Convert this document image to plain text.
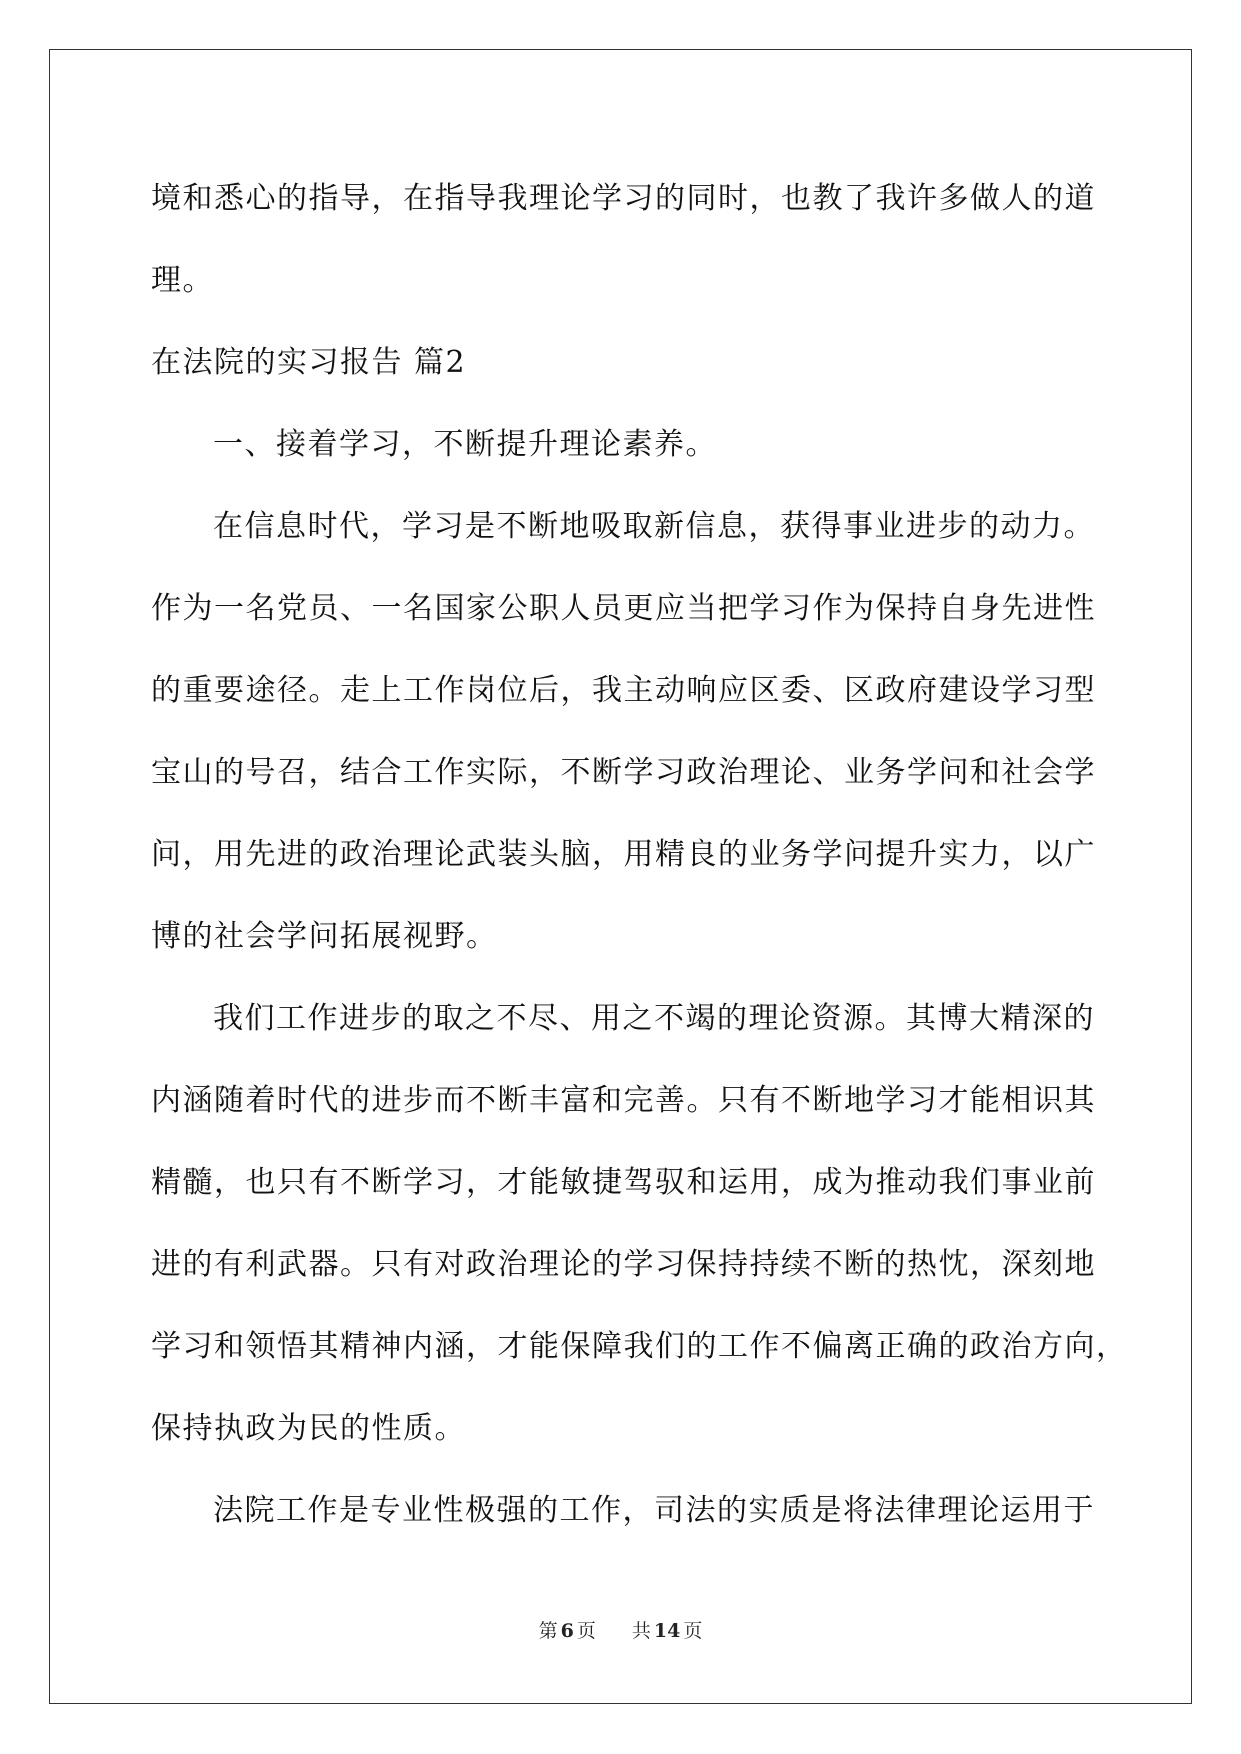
境和悉心的指导，在指导我理论学习的同时，也教了我许多做人的道
理。
在法院的实习报告 篇2
一、接着学习，不断提升理论素养。
在信息时代，学习是不断地吸取新信息，获得事业进步的动力。
作为一名党员、一名国家公职人员更应当把学习作为保持自身先进性
的重要途径。走上工作岗位后，我主动响应区委、区政府建设学习型
宝山的号召，结合工作实际，不断学习政治理论、业务学问和社会学
问，用先进的政治理论武装头脑，用精良的业务学问提升实力，以广
博的社会学问拓展视野。
我们工作进步的取之不尽、用之不竭的理论资源。其博大精深的
内涵随着时代的进步而不断丰富和完善。只有不断地学习才能相识其
精髓，也只有不断学习，才能敏捷驾驭和运用，成为推动我们事业前
进的有利武器。只有对政治理论的学习保持持续不断的热忱，深刻地
学习和领悟其精神内涵，才能保障我们的工作不偏离正确的政治方向，
保持执政为民的性质。
法院工作是专业性极强的工作，司法的实质是将法律理论运用于
第 6 页 共 14 页
